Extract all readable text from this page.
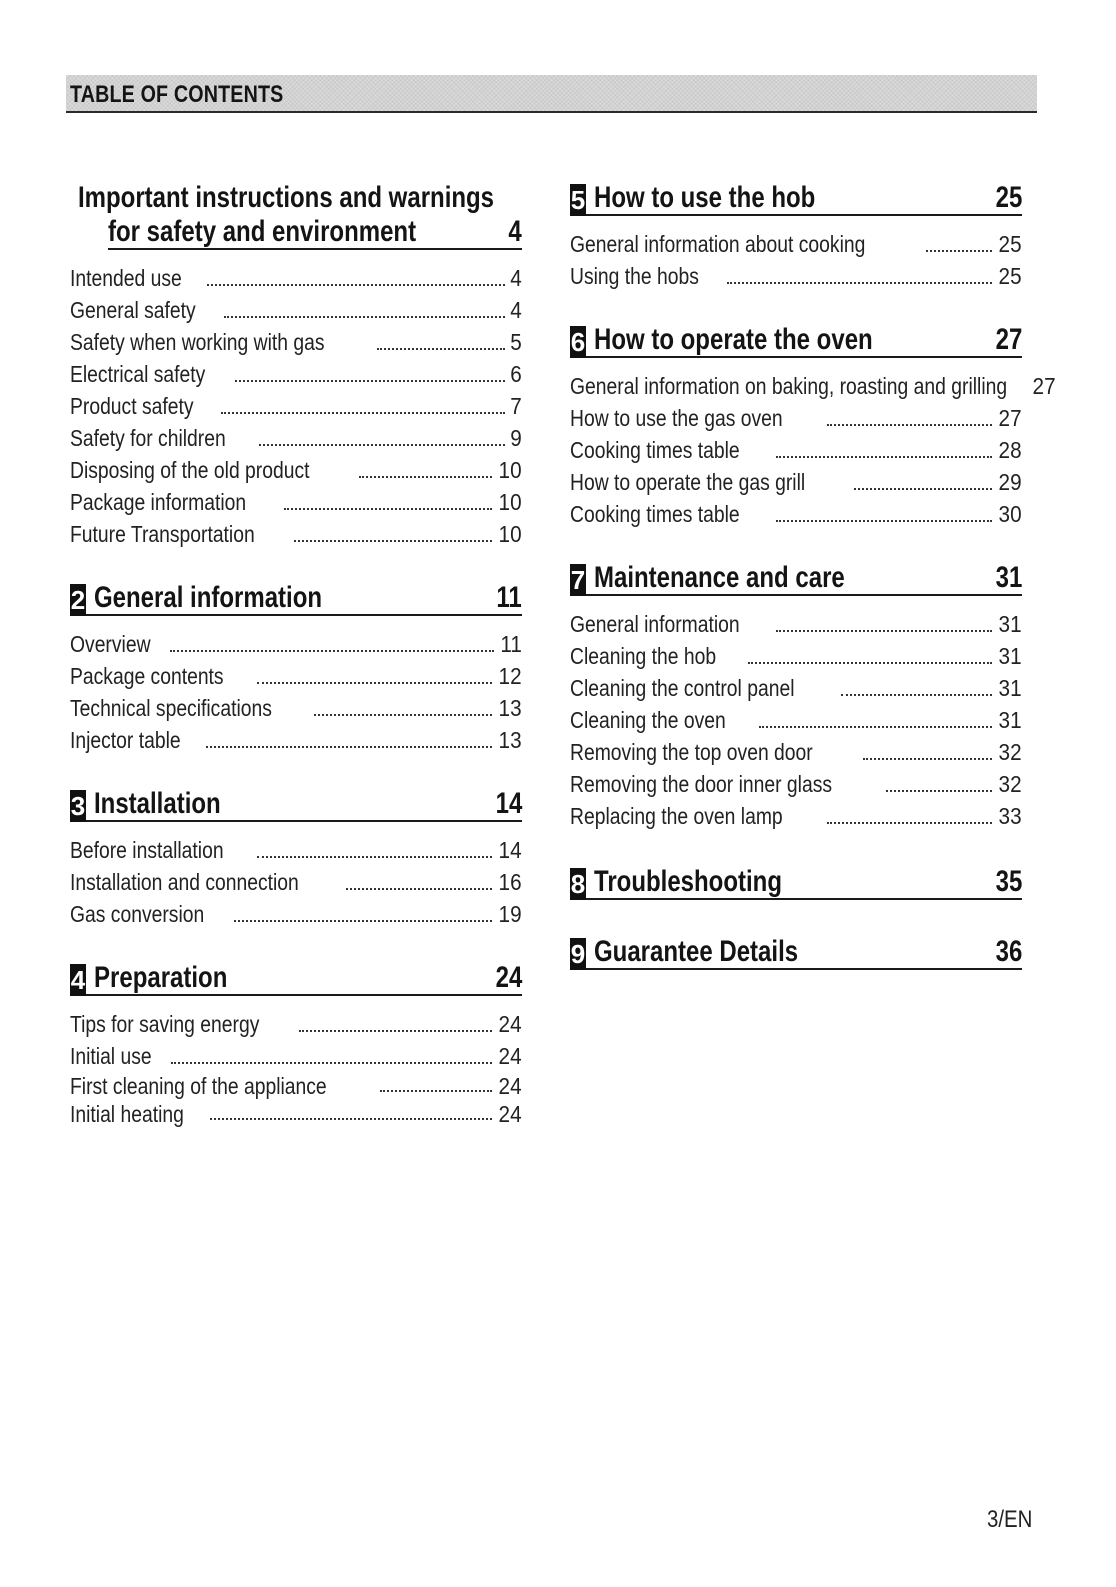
TABLE OF CONTENTS
Important instructions and warnings
for safety and environment	4
Intended use	4
General safety	4
Safety when working with gas	5
Electrical safety	6
Product safety	7
Safety for children	9
Disposing of the old product	10
Package information	10
Future Transportation	10
2 General information	11
Overview	11
Package contents	12
Technical specifications	13
Injector table	13
3 Installation	14
Before installation	14
Installation and connection	16
Gas conversion	19
4 Preparation	24
Tips for saving energy	24
Initial use	24
First cleaning of the appliance	24
Initial heating	24
5 How to use the hob	25
General information about cooking	25
Using the hobs	25
6 How to operate the oven	27
General information on baking, roasting and grilling 27
How to use the gas oven	27
Cooking times table	28
How to operate the gas grill	29
Cooking times table	30
7 Maintenance and care	31
General information	31
Cleaning the hob	31
Cleaning the control panel	31
Cleaning the oven	31
Removing the top oven door	32
Removing the door inner glass	32
Replacing the oven lamp	33
8 Troubleshooting	35
9 Guarantee Details	36
3/EN
